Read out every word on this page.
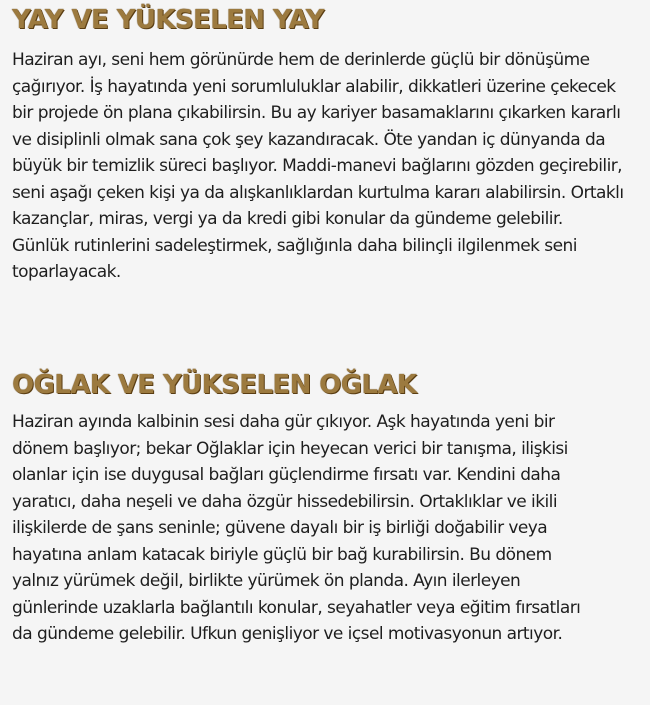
YAY VE YÜKSELEN YAY

Haziran ayı, seni hem görünürde hem de derinlerde güçlü bir dönüşüme çağırıyor. İş hayatında yeni sorumluluklar alabilir, dikkatleri üzerine çekecek bir projede ön plana çıkabilirsin. Bu ay kariyer basamaklarını çıkarken kararlı ve disiplinli olmak sana çok şey kazandıracak. Öte yandan iç dünyanda da büyük bir temizlik süreci başlıyor. Maddi-manevi bağlarını gözden geçirebilir, seni aşağı çeken kişi ya da alışkanlıklardan kurtulma kararı alabilirsin. Ortaklı kazançlar, miras, vergi ya da kredi gibi konular da gündeme gelebilir. Günlük rutinlerini sadeleştirmek, sağlığınla daha bilinçli ilgilenmek seni toparlayacak.

OĞLAK VE YÜKSELEN OĞLAK

Haziran ayında kalbinin sesi daha gür çıkıyor. Aşk hayatında yeni bir dönem başlıyor; bekar Oğlaklar için heyecan verici bir tanışma, ilişkisi olanlar için ise duygusal bağları güçlendirme fırsatı var. Kendini daha yaratıcı, daha neşeli ve daha özgür hissedebilirsin. Ortaklıklar ve ikili ilişkilerde de şans seninle; güvene dayalı bir iş birliği doğabilir veya hayatına anlam katacak biriyle güçlü bir bağ kurabilirsin. Bu dönem yalnız yürümek değil, birlikte yürümek ön planda. Ayın ilerleyen günlerinde uzaklarla bağlantılı konular, seyahatler veya eğitim fırsatları da gündeme gelebilir. Ufkun genişliyor ve içsel motivasyonun artıyor.
